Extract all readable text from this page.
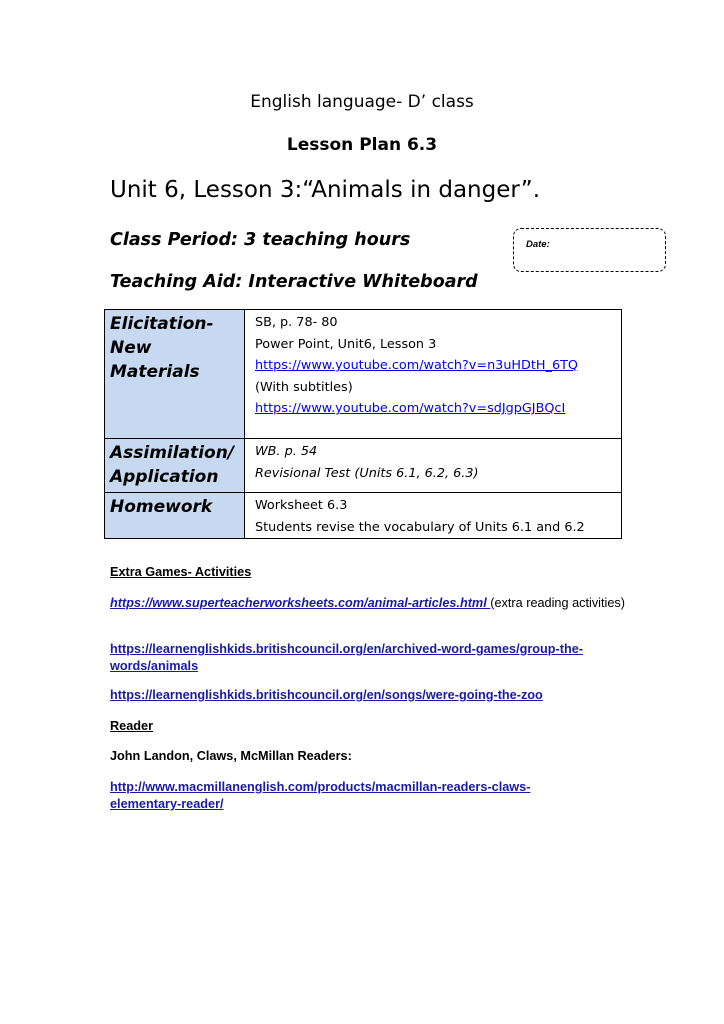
English language- D’ class
Lesson Plan 6.3
Unit 6, Lesson 3:“Animals in danger”.
Class Period: 3 teaching hours
Teaching Aid: Interactive Whiteboard
Date:
Elicitation-
New
Materials	SB, p. 78- 80
Power Point, Unit6, Lesson 3
https://www.youtube.com/watch?v=n3uHDtH_6TQ
(With subtitles)
https://www.youtube.com/watch?v=sdJgpGJBQcI

Assimilation/
Application	WB. p. 54
Revisional Test (Units 6.1, 6.2, 6.3)

Homework	Worksheet 6.3
Students revise the vocabulary of Units 6.1 and 6.2
Extra Games- Activities
https://www.superteacherworksheets.com/animal-articles.html (extra reading activities)
https://learnenglishkids.britishcouncil.org/en/archived-word-games/group-the-words/animals
https://learnenglishkids.britishcouncil.org/en/songs/were-going-the-zoo
Reader
John Landon, Claws, McMillan Readers:
http://www.macmillanenglish.com/products/macmillan-readers-claws-elementary-reader/
